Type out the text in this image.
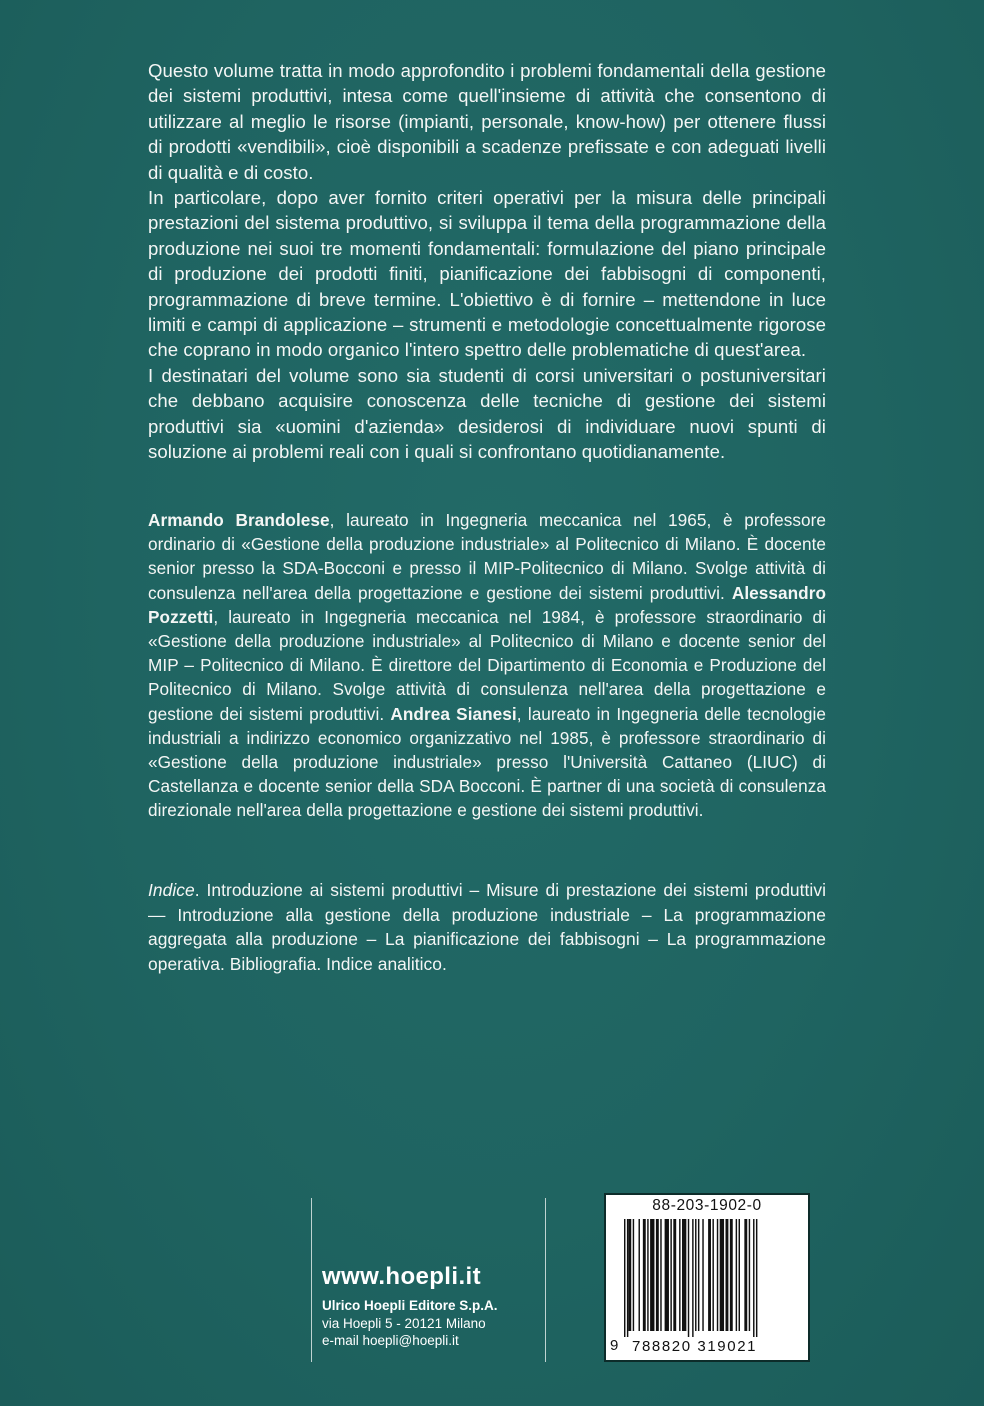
Questo volume tratta in modo approfondito i problemi fondamentali della gestione dei sistemi produttivi, intesa come quell'insieme di attività che consentono di utilizzare al meglio le risorse (impianti, personale, know-how) per ottenere flussi di prodotti «vendibili», cioè disponibili a scadenze prefissate e con adeguati livelli di qualità e di costo.
In particolare, dopo aver fornito criteri operativi per la misura delle principali prestazioni del sistema produttivo, si sviluppa il tema della programmazione della produzione nei suoi tre momenti fondamentali: formulazione del piano principale di produzione dei prodotti finiti, pianificazione dei fabbisogni di componenti, programmazione di breve termine. L'obiettivo è di fornire – mettendone in luce limiti e campi di applicazione – strumenti e metodologie concettualmente rigorose che coprano in modo organico l'intero spettro delle problematiche di quest'area.
I destinatari del volume sono sia studenti di corsi universitari o postuniversitari che debbano acquisire conoscenza delle tecniche di gestione dei sistemi produttivi sia «uomini d'azienda» desiderosi di individuare nuovi spunti di soluzione ai problemi reali con i quali si confrontano quotidianamente.

Armando Brandolese, laureato in Ingegneria meccanica nel 1965, è professore ordinario di «Gestione della produzione industriale» al Politecnico di Milano. È docente senior presso la SDA-Bocconi e presso il MIP-Politecnico di Milano. Svolge attività di consulenza nell'area della progettazione e gestione dei sistemi produttivi. Alessandro Pozzetti, laureato in Ingegneria meccanica nel 1984, è professore straordinario di «Gestione della produzione industriale» al Politecnico di Milano e docente senior del MIP – Politecnico di Milano. È direttore del Dipartimento di Economia e Produzione del Politecnico di Milano. Svolge attività di consulenza nell'area della progettazione e gestione dei sistemi produttivi. Andrea Sianesi, laureato in Ingegneria delle tecnologie industriali a indirizzo economico organizzativo nel 1985, è professore straordinario di «Gestione della produzione industriale» presso l'Università Cattaneo (LIUC) di Castellanza e docente senior della SDA Bocconi. È partner di una società di consulenza direzionale nell'area della progettazione e gestione dei sistemi produttivi.

Indice. Introduzione ai sistemi produttivi – Misure di prestazione dei sistemi produttivi — Introduzione alla gestione della produzione industriale – La programmazione aggregata alla produzione – La pianificazione dei fabbisogni – La programmazione operativa. Bibliografia. Indice analitico.

www.hoepli.it
Ulrico Hoepli Editore S.p.A.
via Hoepli 5 - 20121 Milano
e-mail hoepli@hoepli.it
88-203-1902-0
9 788820 319021
